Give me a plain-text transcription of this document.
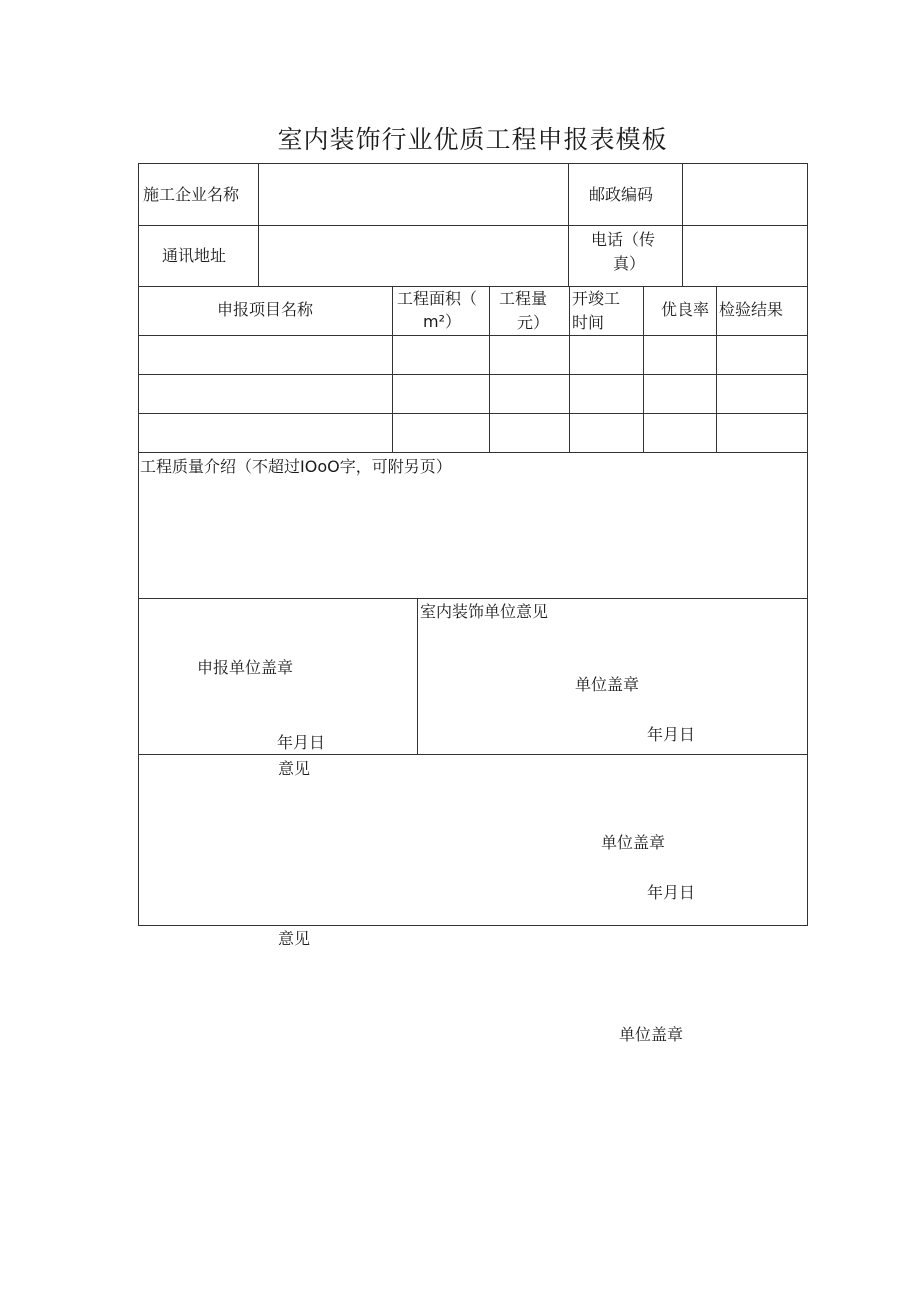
室内装饰行业优质工程申报表模板
施工企业名称	邮政编码
通讯地址
电话（传
真）
申报项目名称
工程面积（
m²）
工程量
元）
开竣工
时间
优良率 检验结果
工程质量介绍（不超过IOoO字，可附另页）
申报单位盖章
年月日
室内装饰单位意见
单位盖章
年月日
意见
单位盖章
年月日
意见
单位盖章
